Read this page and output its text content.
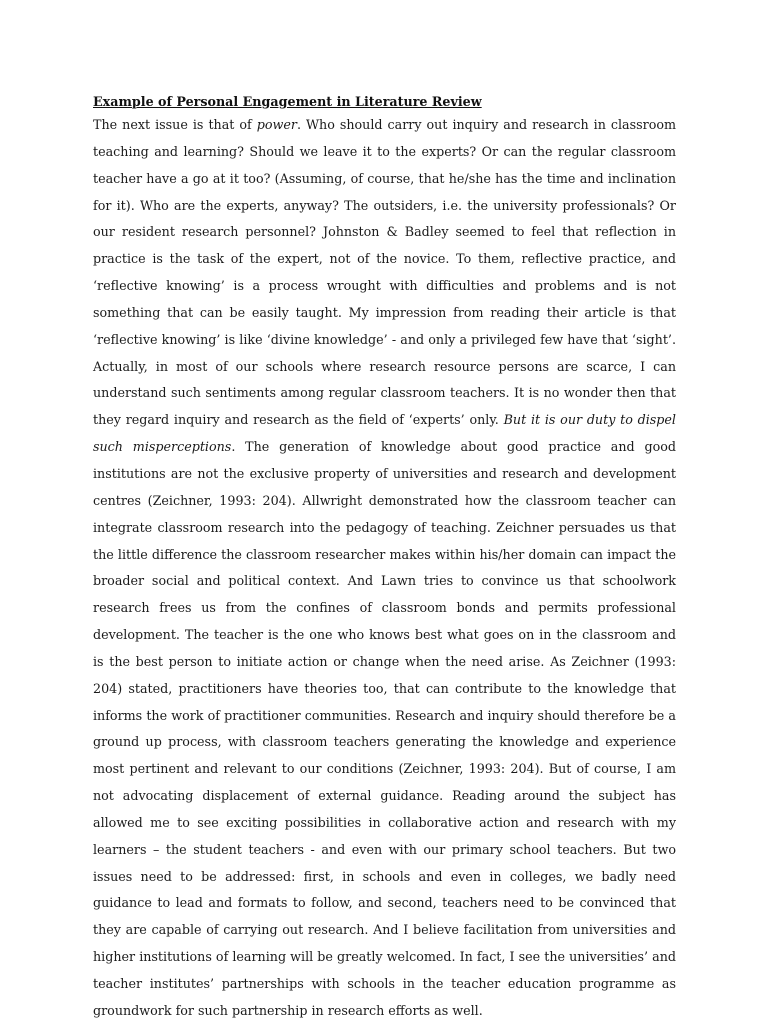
Example of Personal Engagement in Literature Review

The next issue is that of power. Who should carry out inquiry and research in classroom teaching and learning? Should we leave it to the experts? Or can the regular classroom teacher have a go at it too? (Assuming, of course, that he/she has the time and inclination for it). Who are the experts, anyway? The outsiders, i.e. the university professionals? Or our resident research personnel? Johnston & Badley seemed to feel that reflection in practice is the task of the expert, not of the novice. To them, reflective practice, and ‘reflective knowing’ is a process wrought with difficulties and problems and is not something that can be easily taught. My impression from reading their article is that ‘reflective knowing’ is like ‘divine knowledge’ - and only a privileged few have that ‘sight’. Actually, in most of our schools where research resource persons are scarce, I can understand such sentiments among regular classroom teachers. It is no wonder then that they regard inquiry and research as the field of ‘experts’ only. But it is our duty to dispel such misperceptions. The generation of knowledge about good practice and good institutions are not the exclusive property of universities and research and development centres (Zeichner, 1993: 204). Allwright demonstrated how the classroom teacher can integrate classroom research into the pedagogy of teaching. Zeichner persuades us that the little difference the classroom researcher makes within his/her domain can impact the broader social and political context. And Lawn tries to convince us that schoolwork research frees us from the confines of classroom bonds and permits professional development. The teacher is the one who knows best what goes on in the classroom and is the best person to initiate action or change when the need arise. As Zeichner (1993: 204) stated, practitioners have theories too, that can contribute to the knowledge that informs the work of practitioner communities. Research and inquiry should therefore be a ground up process, with classroom teachers generating the knowledge and experience most pertinent and relevant to our conditions (Zeichner, 1993: 204). But of course, I am not advocating displacement of external guidance. Reading around the subject has allowed me to see exciting possibilities in collaborative action and research with my learners – the student teachers - and even with our primary school teachers. But two issues need to be addressed: first, in schools and even in colleges, we badly need guidance to lead and formats to follow, and second, teachers need to be convinced that they are capable of carrying out research. And I believe facilitation from universities and higher institutions of learning will be greatly welcomed. In fact, I see the universities’ and teacher institutes’ partnerships with schools in the teacher education programme as groundwork for such partnership in research efforts as well.
